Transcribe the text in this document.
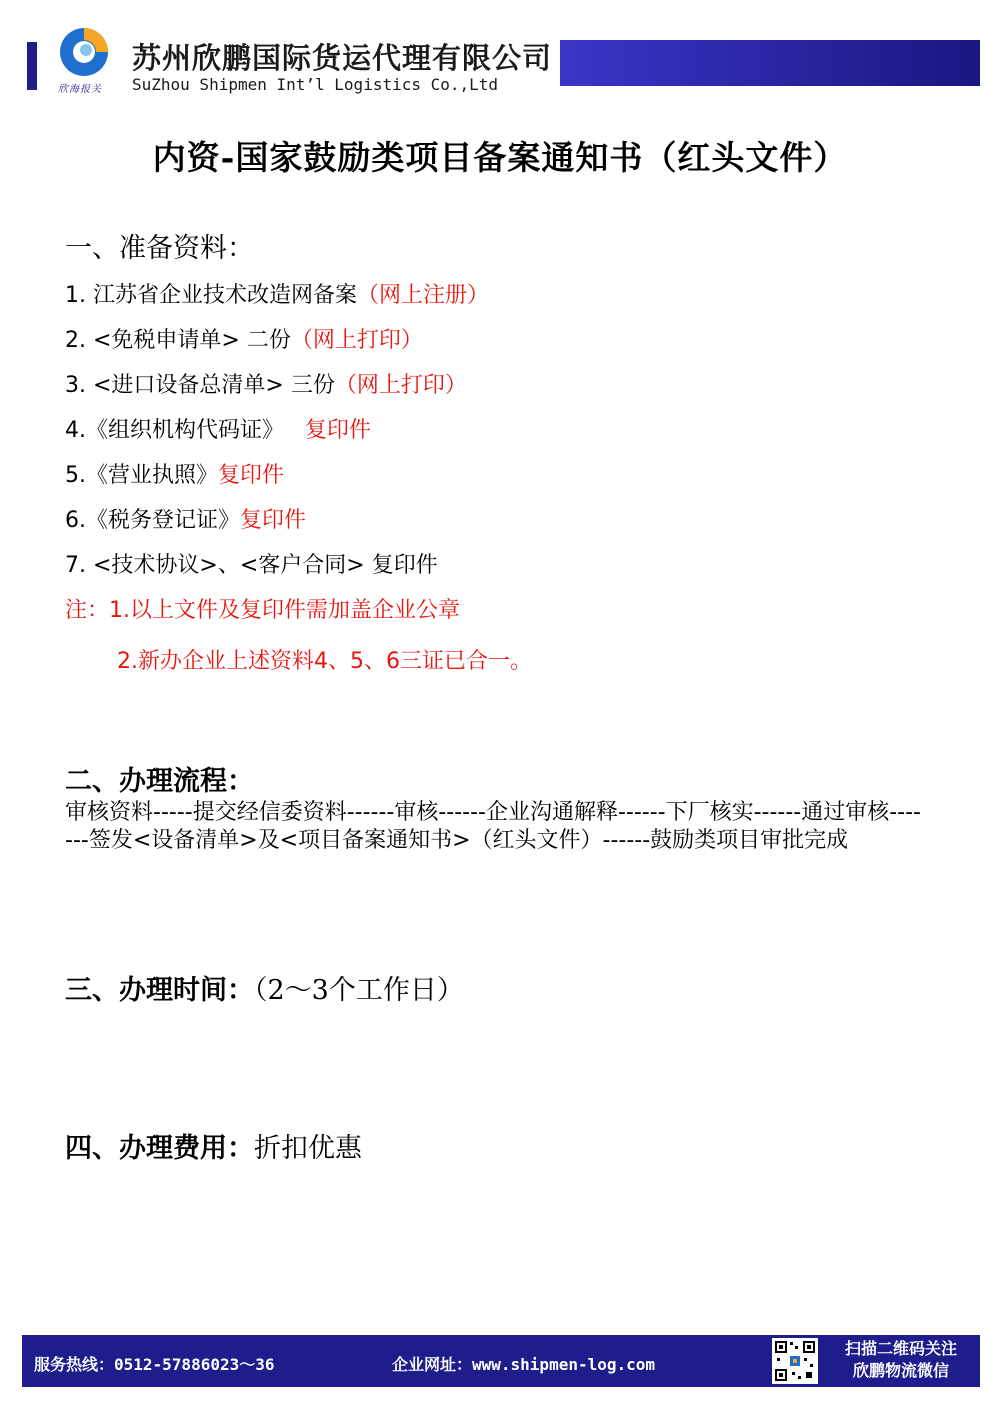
欣海报关
苏州欣鹏国际货运代理有限公司
SuZhou Shipmen Int’l Logistics Co.,Ltd
内资-国家鼓励类项目备案通知书（红头文件）
一、准备资料：
1. 江苏省企业技术改造网备案（网上注册）
2. <免税申请单> 二份（网上打印）
3. <进口设备总清单> 三份（网上打印）
4.《组织机构代码证》 复印件
5.《营业执照》复印件
6.《税务登记证》复印件
7. <技术协议>、<客户合同> 复印件
注：1.以上文件及复印件需加盖企业公章
2.新办企业上述资料4、5、6三证已合一。
二、办理流程：
审核资料-----提交经信委资料------审核------企业沟通解释------下厂核实------通过审核-------签发<设备清单>及<项目备案通知书>（红头文件）------鼓励类项目审批完成
三、办理时间：（2～3个工作日）
四、办理费用：折扣优惠
服务热线：0512-57886023～36	企业网址：www.shipmen-log.com
扫描二维码关注
欣鹏物流微信
